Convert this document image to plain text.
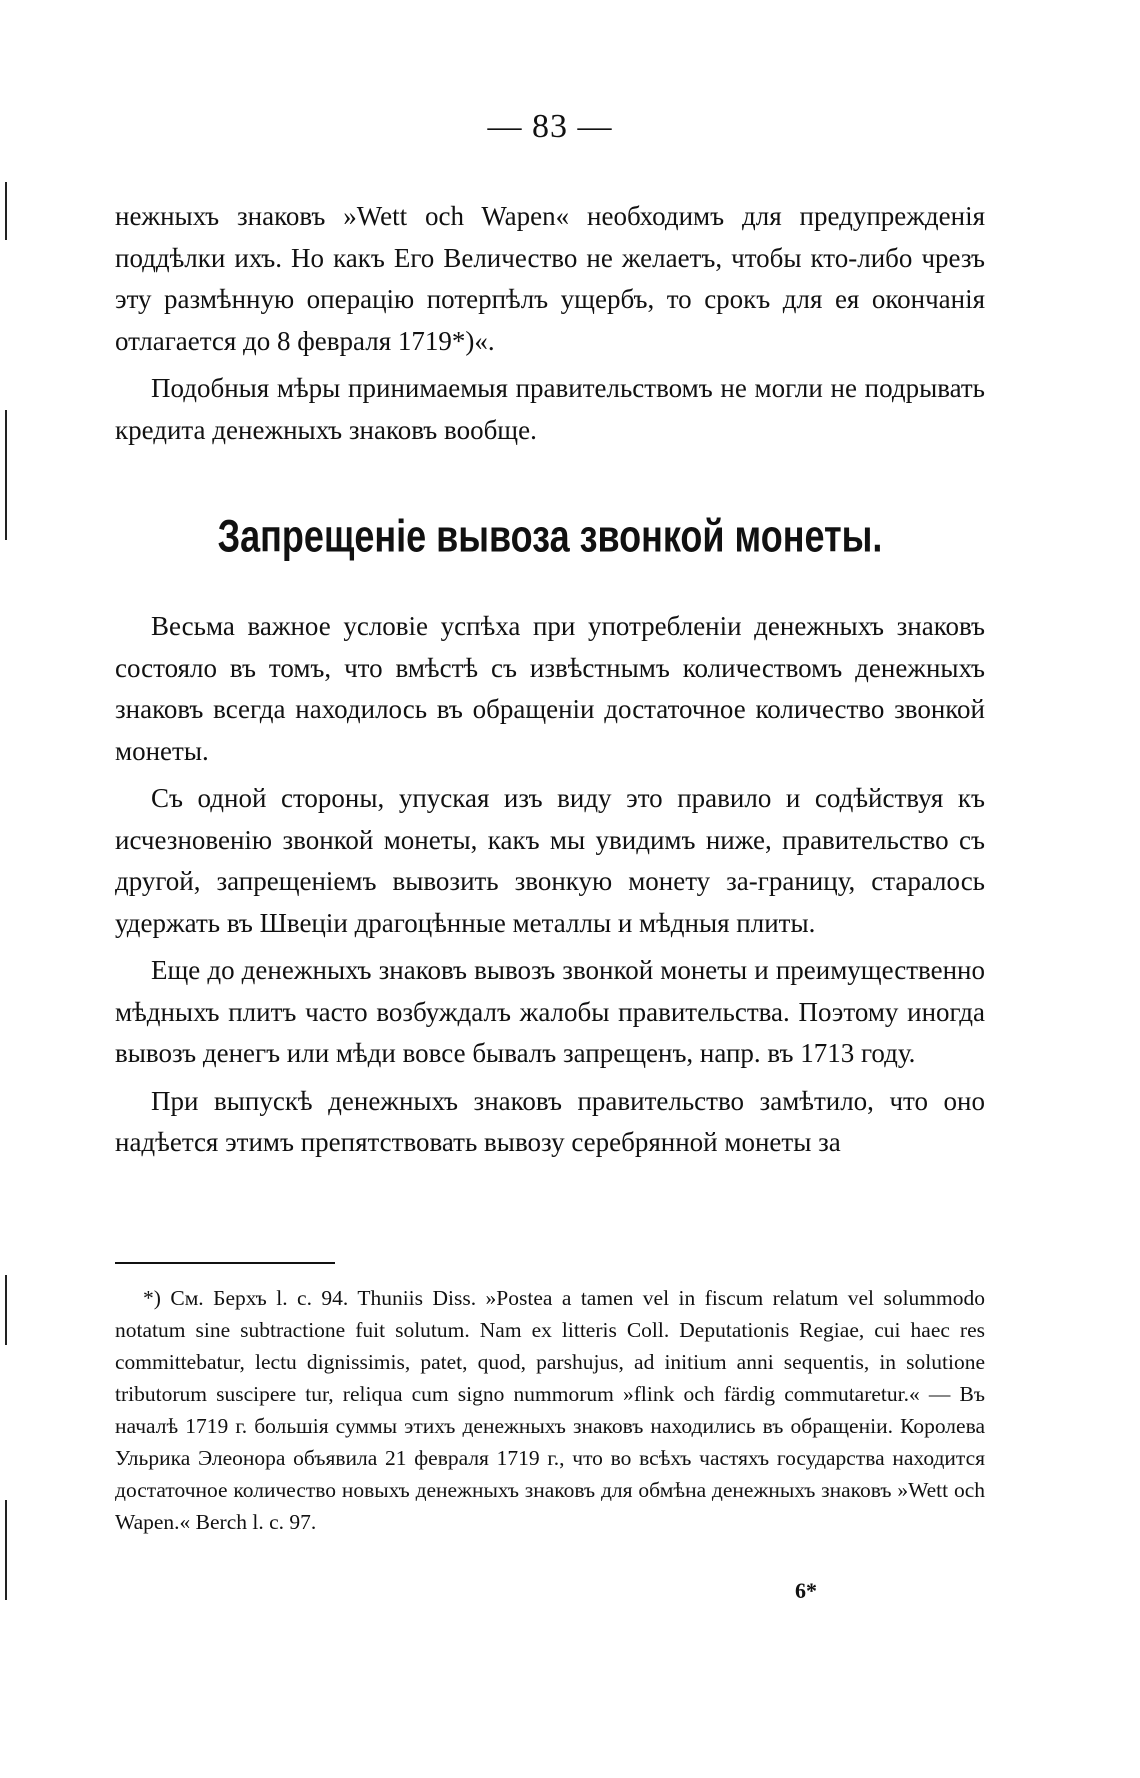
— 83 —

нежныхъ знаковъ »Wett och Wapen« необходимъ для предупрежденія поддѣлки ихъ. Но какъ Его Величество не желаетъ, чтобы кто-либо чрезъ эту размѣнную операцію потерпѣлъ ущербъ, то срокъ для ея окончанія отлагается до 8 февраля 1719*)«.

Подобныя мѣры принимаемыя правительствомъ не могли не подрывать кредита денежныхъ знаковъ вообще.

Запрещеніе вывоза звонкой монеты.

Весьма важное условіе успѣха при употребленіи денежныхъ знаковъ состояло въ томъ, что вмѣстѣ съ извѣстнымъ количествомъ денежныхъ знаковъ всегда находилось въ обращеніи достаточное количество звонкой монеты.

Съ одной стороны, упуская изъ виду это правило и содѣйствуя къ исчезновенію звонкой монеты, какъ мы увидимъ ниже, правительство съ другой, запрещеніемъ вывозить звонкую монету за-границу, старалось удержать въ Швеціи драгоцѣнные металлы и мѣдныя плиты.

Еще до денежныхъ знаковъ вывозъ звонкой монеты и преимущественно мѣдныхъ плитъ часто возбуждалъ жалобы правительства. Поэтому иногда вывозъ денегъ или мѣди вовсе бывалъ запрещенъ, напр. въ 1713 году.

При выпускѣ денежныхъ знаковъ правительство замѣтило, что оно надѣется этимъ препятствовать вывозу серебрянной монеты за

*) См. Берхъ l. c. 94. Thuniis Diss. »Postea a tamen vel in fiscum relatum vel solummodo notatum sine subtractione fuit solutum. Nam ex litteris Coll. Deputationis Regiae, cui haec res committebatur, lectu dignissimis, patet, quod, parshujus, ad initium anni sequentis, in solutione tributorum suscipere tur, reliqua cum signo nummorum »flink och färdig commutaretur.« — Въ началѣ 1719 г. большія суммы этихъ денежныхъ знаковъ находились въ обращеніи. Королева Ульрика Элеонора объявила 21 февраля 1719 г., что во всѣхъ частяхъ государства находится достаточное количество новыхъ денежныхъ знаковъ для обмѣна денежныхъ знаковъ »Wett och Wapen.« Berch l. c. 97.

6*
